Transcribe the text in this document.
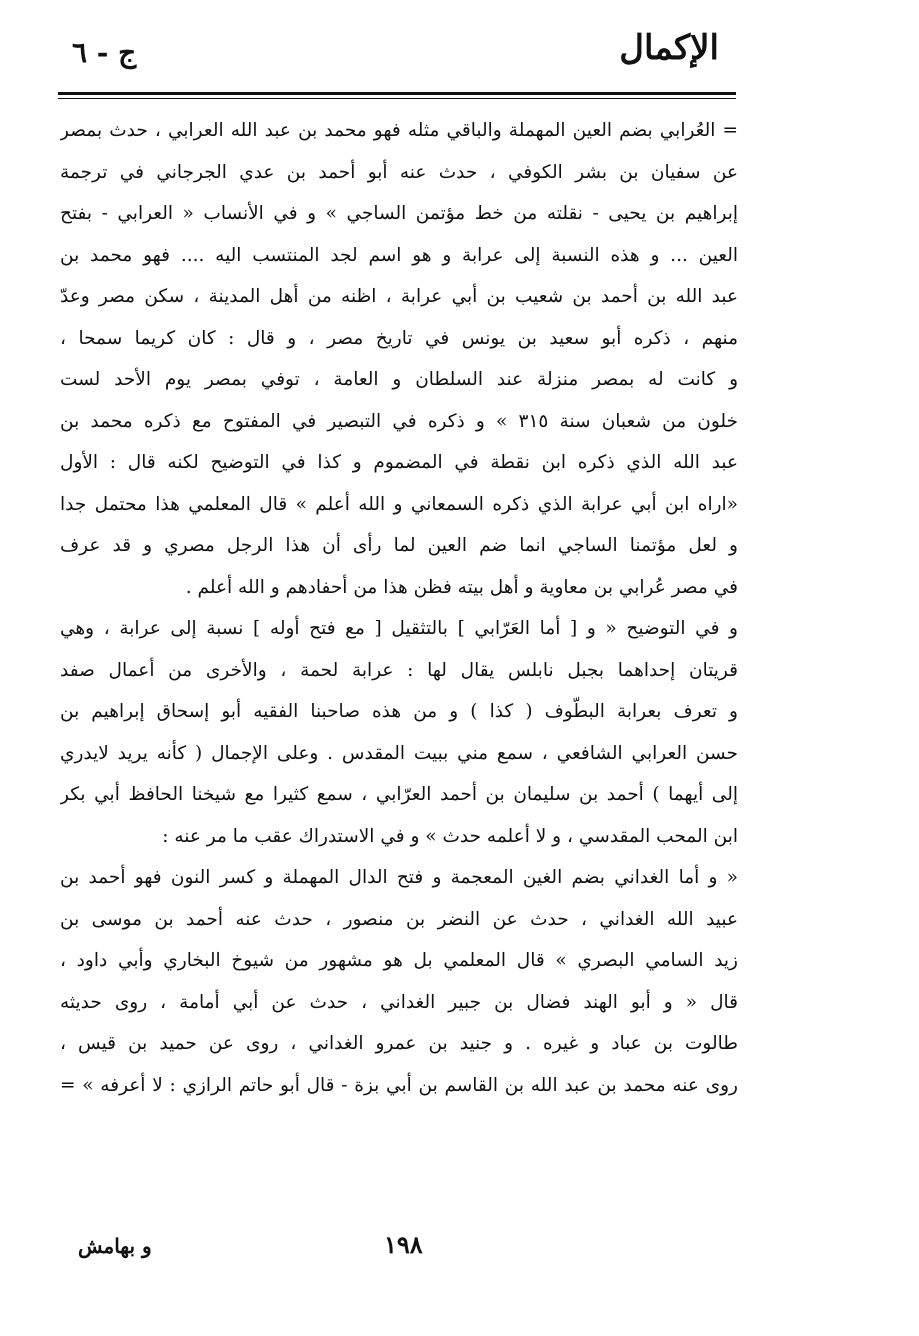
الإكمال
ج - ٦
= العُرابي بضم العين المهملة والباقي مثله فهو محمد بن عبد الله العرابي ، حدث بمصر
عن سفيان بن بشر الكوفي ، حدث عنه أبو أحمد بن عدي الجرجاني في ترجمة
إبراهيم بن يحيى - نقلته من خط مؤتمن الساجي » و في الأنساب « العرابي - بفتح
العين ... و هذه النسبة إلى عرابة و هو اسم لجد المنتسب اليه .... فهو محمد بن
عبد الله بن أحمد بن شعيب بن أبي عرابة ، اظنه من أهل المدينة ، سكن مصر وعدّ
منهم ، ذكره أبو سعيد بن يونس في تاريخ مصر ، و قال : كان كريما سمحا ،
و كانت له بمصر منزلة عند السلطان و العامة ، توفي بمصر يوم الأحد لست
خلون من شعبان سنة ٣١٥ » و ذكره في التبصير في المفتوح مع ذكره محمد بن
عبد الله الذي ذكره ابن نقطة في المضموم و كذا في التوضيح لكنه قال : الأول
«اراه ابن أبي عرابة الذي ذكره السمعاني و الله أعلم » قال المعلمي هذا محتمل جدا
و لعل مؤتمنا الساجي انما ضم العين لما رأى أن هذا الرجل مصري و قد عرف
في مصر عُرابي بن معاوية و أهل بيته فظن هذا من أحفادهم و الله أعلم .
و في التوضيح « و [ أما العَرّابي ] بالتثقيل [ مع فتح أوله ] نسبة إلى عرابة ، وهي
قريتان إحداهما بجبل نابلس يقال لها : عرابة لحمة ، والأخرى من أعمال صفد
و تعرف بعرابة البطّوف ( كذا ) و من هذه صاحبنا الفقيه أبو إسحاق إبراهيم بن
حسن العرابي الشافعي ، سمع مني ببيت المقدس . وعلى الإجمال ( كأنه يريد لايدري
إلى أيهما ) أحمد بن سليمان بن أحمد العرّابي ، سمع كثيرا مع شيخنا الحافظ أبي بكر
ابن المحب المقدسي ، و لا أعلمه حدث » و في الاستدراك عقب ما مر عنه :
« و أما الغداني بضم الغين المعجمة و فتح الدال المهملة و كسر النون فهو أحمد بن
عبيد الله الغداني ، حدث عن النضر بن منصور ، حدث عنه أحمد بن موسى بن
زيد السامي البصري » قال المعلمي بل هو مشهور من شيوخ البخاري وأبي داود ،
قال « و أبو الهند فضال بن جبير الغداني ، حدث عن أبي أمامة ، روى حديثه
طالوت بن عباد و غيره . و جنيد بن عمرو الغداني ، روى عن حميد بن قيس ،
روى عنه محمد بن عبد الله بن القاسم بن أبي بزة - قال أبو حاتم الرازي : لا أعرفه » =
١٩٨
و بهامش
